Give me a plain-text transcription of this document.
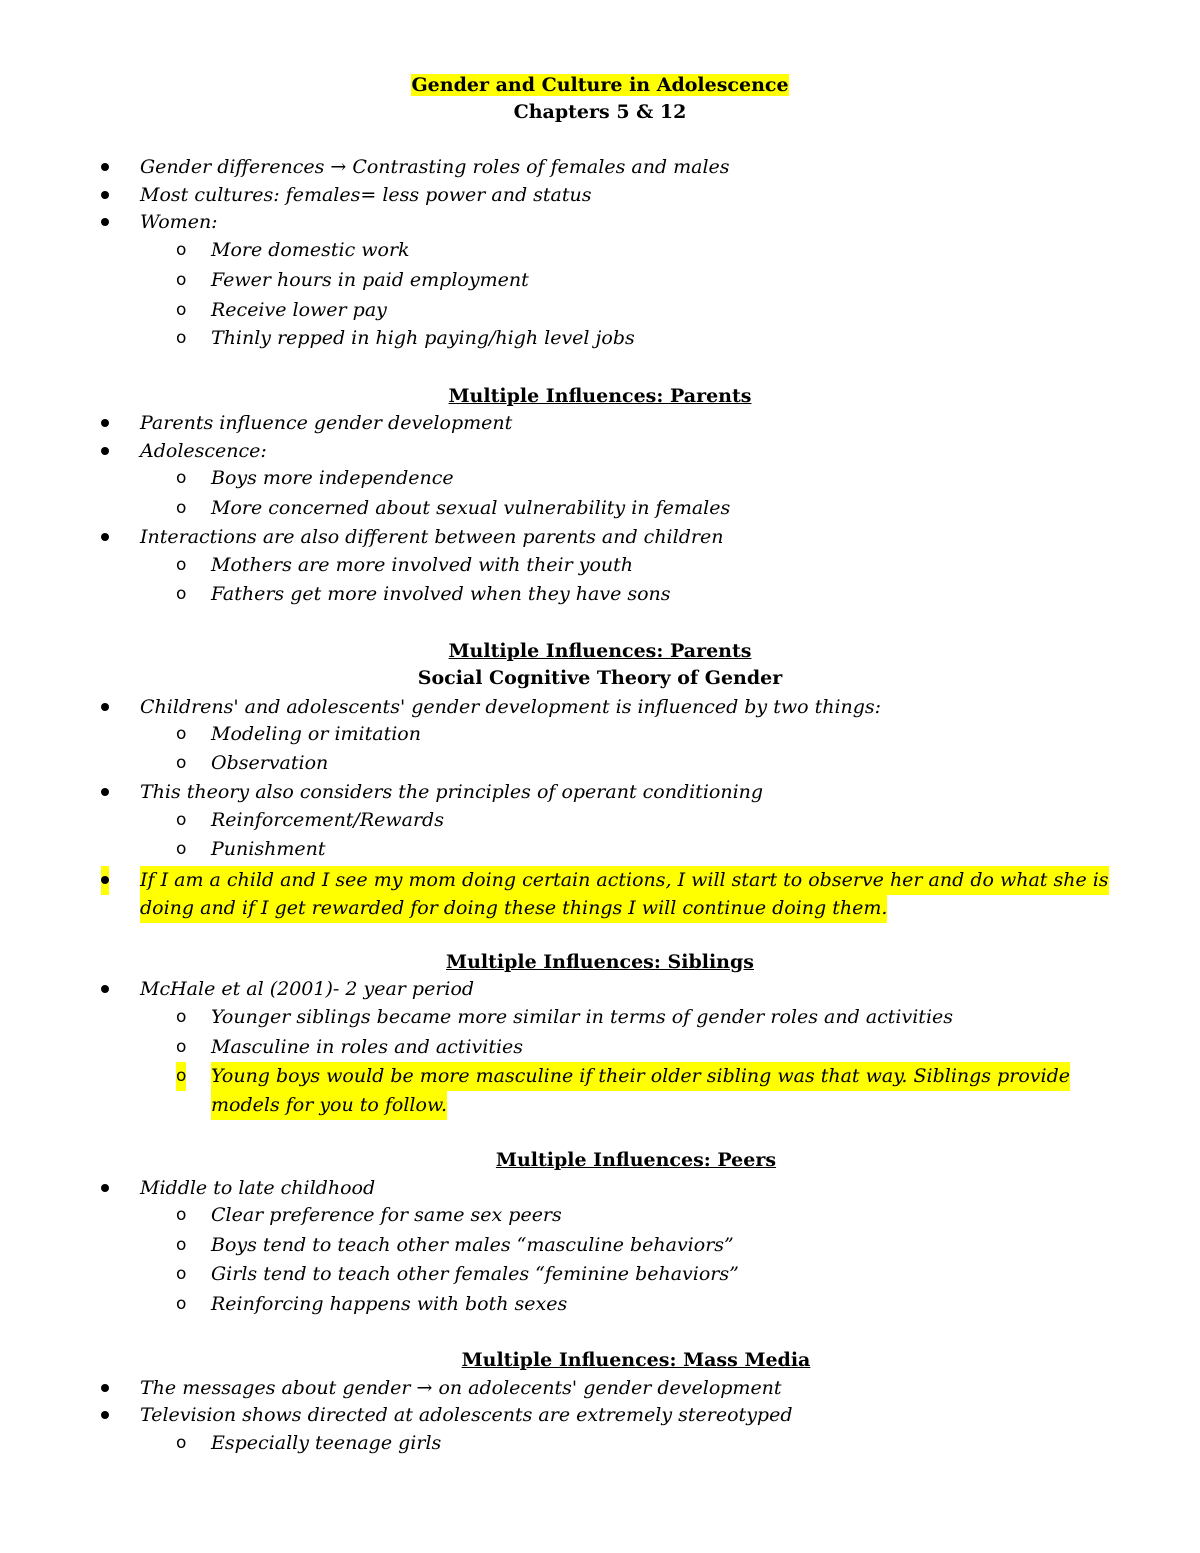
Gender and Culture in Adolescence
Chapters 5 & 12
Gender differences → Contrasting roles of females and males
Most cultures: females= less power and status
Women:
o More domestic work
o Fewer hours in paid employment
o Receive lower pay
o Thinly repped in high paying/high level jobs
Multiple Influences: Parents
Parents influence gender development
Adolescence:
o Boys more independence
o More concerned about sexual vulnerability in females
Interactions are also different between parents and children
o Mothers are more involved with their youth
o Fathers get more involved when they have sons
Multiple Influences: Parents
Social Cognitive Theory of Gender
Childrens' and adolescents' gender development is influenced by two things:
o Modeling or imitation
o Observation
This theory also considers the principles of operant conditioning
o Reinforcement/Rewards
o Punishment
If I am a child and I see my mom doing certain actions, I will start to observe her and do what she is
doing and if I get rewarded for doing these things I will continue doing them.
Multiple Influences: Siblings
McHale et al (2001)- 2 year period
o Younger siblings became more similar in terms of gender roles and activities
o Masculine in roles and activities
o Young boys would be more masculine if their older sibling was that way. Siblings provide
models for you to follow.
Multiple Influences: Peers
Middle to late childhood
o Clear preference for same sex peers
o Boys tend to teach other males “masculine behaviors”
o Girls tend to teach other females “feminine behaviors”
o Reinforcing happens with both sexes
Multiple Influences: Mass Media
The messages about gender → on adolecents' gender development
Television shows directed at adolescents are extremely stereotyped
o Especially teenage girls
